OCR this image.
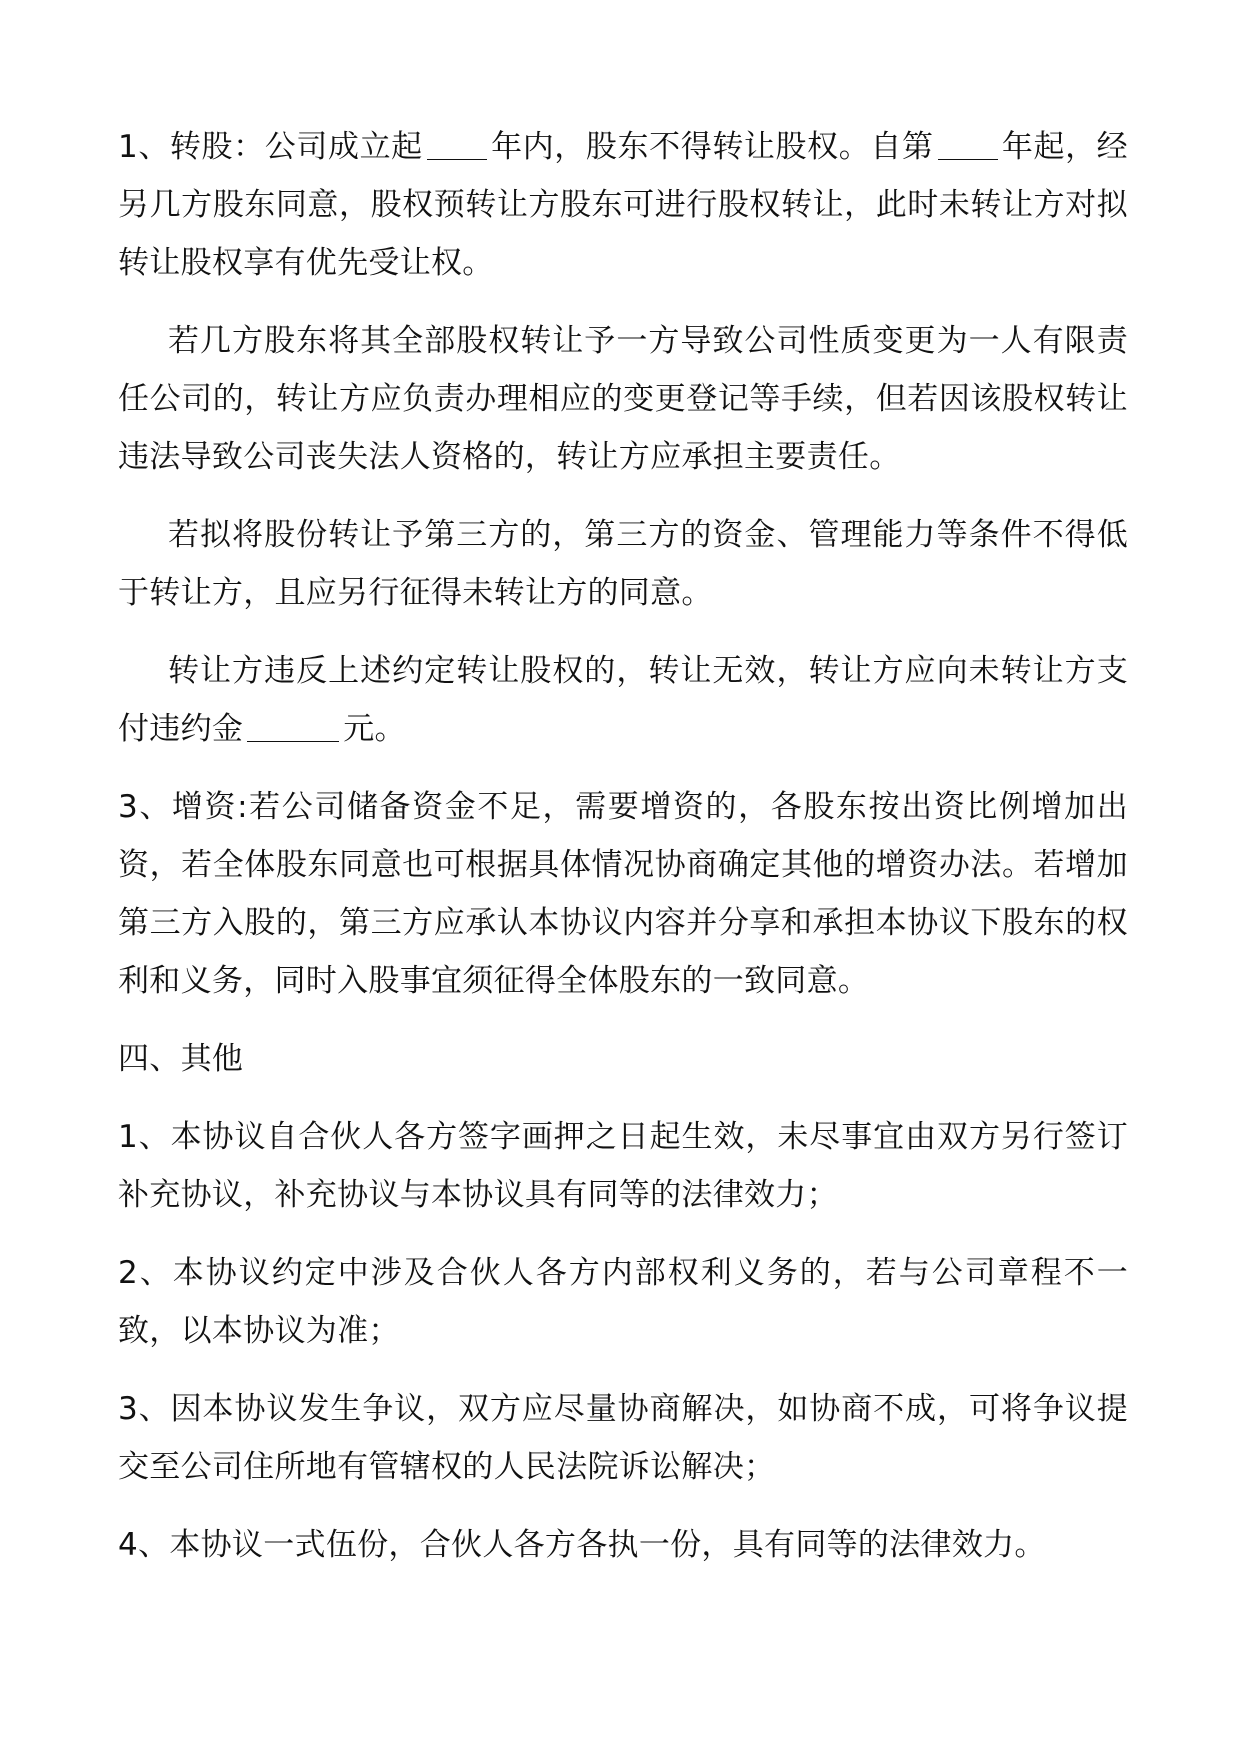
1、转股：公司成立起 年内，股东不得转让股权。自第 年起，经另几方股东同意，股权预转让方股东可进行股权转让，此时未转让方对拟转让股权享有优先受让权。

若几方股东将其全部股权转让予一方导致公司性质变更为一人有限责任公司的，转让方应负责办理相应的变更登记等手续，但若因该股权转让违法导致公司丧失法人资格的，转让方应承担主要责任。

若拟将股份转让予第三方的，第三方的资金、管理能力等条件不得低于转让方，且应另行征得未转让方的同意。

转让方违反上述约定转让股权的，转让无效，转让方应向未转让方支付违约金	元。

3、增资:若公司储备资金不足，需要增资的，各股东按出资比例增加出资，若全体股东同意也可根据具体情况协商确定其他的增资办法。若增加第三方入股的，第三方应承认本协议内容并分享和承担本协议下股东的权利和义务，同时入股事宜须征得全体股东的一致同意。

四、其他

1、本协议自合伙人各方签字画押之日起生效，未尽事宜由双方另行签订补充协议，补充协议与本协议具有同等的法律效力；

2、本协议约定中涉及合伙人各方内部权利义务的，若与公司章程不一致，以本协议为准；

3、因本协议发生争议，双方应尽量协商解决，如协商不成，可将争议提交至公司住所地有管辖权的人民法院诉讼解决；

4、本协议一式伍份，合伙人各方各执一份，具有同等的法律效力。
